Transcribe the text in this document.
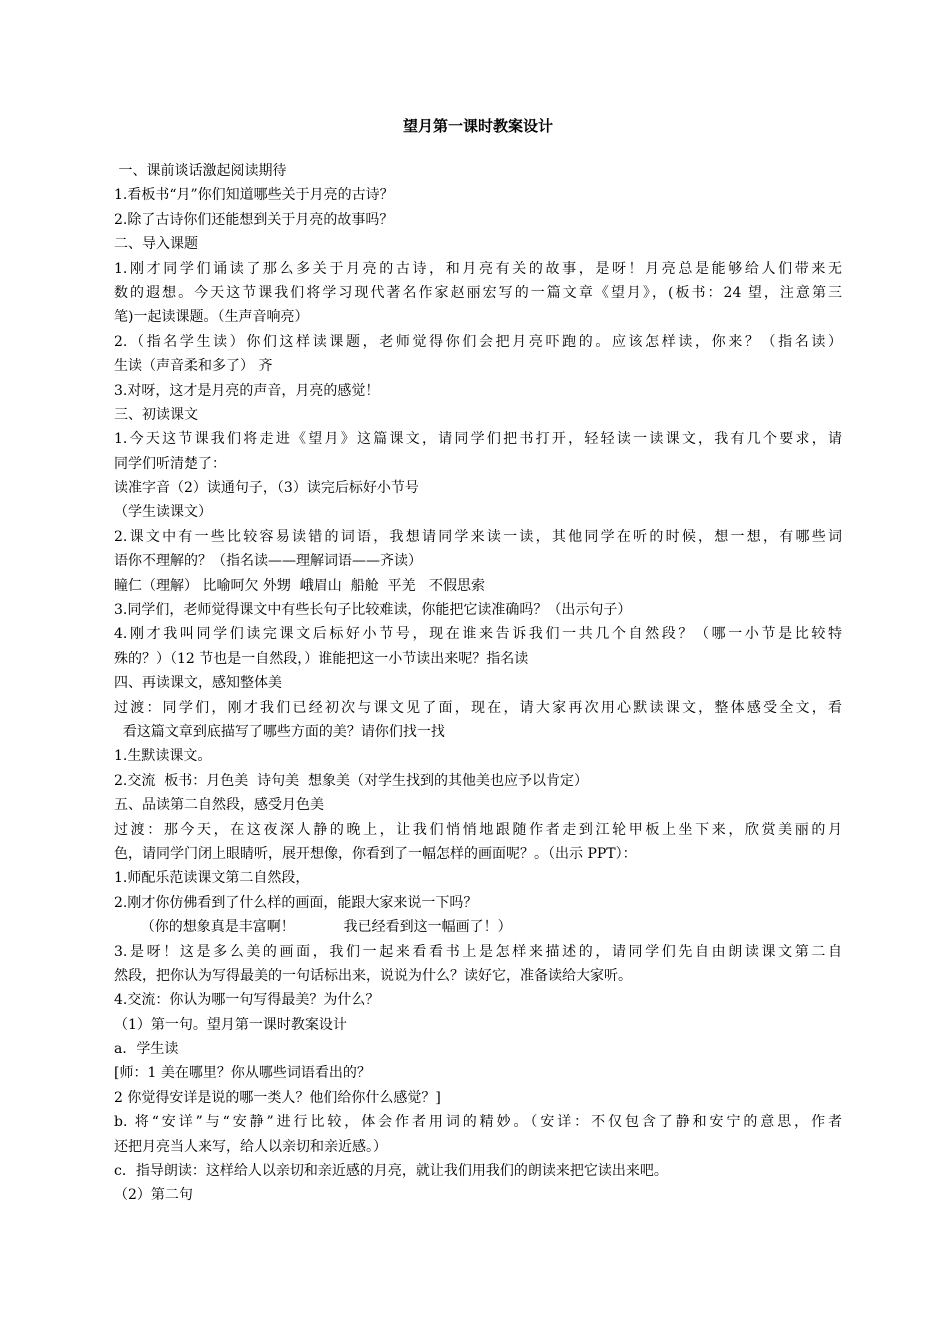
望月第一课时教案设计
一、课前谈话激起阅读期待
1.看板书“月”你们知道哪些关于月亮的古诗？
2.除了古诗你们还能想到关于月亮的故事吗？
二、导入课题
1.刚才同学们诵读了那么多关于月亮的古诗，和月亮有关的故事，是呀！月亮总是能够给人们带来无
数的遐想。今天这节课我们将学习现代著名作家赵丽宏写的一篇文章《望月》，(板书：24 望，注意第三
笔)一起读课题。（生声音响亮）
2.（指名学生读）你们这样读课题，老师觉得你们会把月亮吓跑的。应该怎样读，你来？（指名读）
生读（声音柔和多了） 齐
3.对呀，这才是月亮的声音，月亮的感觉！
三、初读课文
1.今天这节课我们将走进《望月》这篇课文，请同学们把书打开，轻轻读一读课文，我有几个要求，请
同学们听清楚了：
读准字音（2）读通句子，（3）读完后标好小节号
（学生读课文）
2.课文中有一些比较容易读错的词语，我想请同学来读一读，其他同学在听的时候，想一想，有哪些词
语你不理解的？（指名读——理解词语——齐读）
瞳仁（理解） 比喻呵欠 外甥  峨眉山  船舱  平羌   不假思索
3.同学们，老师觉得课文中有些长句子比较难读，你能把它读准确吗？（出示句子）
4.刚才我叫同学们读完课文后标好小节号，现在谁来告诉我们一共几个自然段？（哪一小节是比较特
殊的？）（12 节也是一自然段，）谁能把这一小节读出来呢？指名读
四、再读课文，感知整体美
过渡：同学们，刚才我们已经初次与课文见了面，现在，请大家再次用心默读课文，整体感受全文，看
看这篇文章到底描写了哪些方面的美？请你们找一找
1.生默读课文。
2.交流  板书：月色美  诗句美  想象美（对学生找到的其他美也应予以肯定）
五、品读第二自然段，感受月色美
过渡：那今天，在这夜深人静的晚上，让我们悄悄地跟随作者走到江轮甲板上坐下来，欣赏美丽的月
色，请同学门闭上眼睛听，展开想像，你看到了一幅怎样的画面呢？。（出示 PPT）：
1.师配乐范读课文第二自然段，
2.刚才你仿佛看到了什么样的画面，能跟大家来说一下吗？
（你的想象真是丰富啊！           我已经看到这一幅画了！）
3.是呀！这是多么美的画面，我们一起来看看书上是怎样来描述的，请同学们先自由朗读课文第二自
然段，把你认为写得最美的一句话标出来，说说为什么？读好它，准备读给大家听。
4.交流：你认为哪一句写得最美？为什么？
（1）第一句。望月第一课时教案设计
a．学生读
[师：1 美在哪里？你从哪些词语看出的？
2 你觉得安详是说的哪一类人？他们给你什么感觉？]
b. 将“安详”与“安静”进行比较，体会作者用词的精妙。（安详：不仅包含了静和安宁的意思，作者
还把月亮当人来写，给人以亲切和亲近感。）
c．指导朗读：这样给人以亲切和亲近感的月亮，就让我们用我们的朗读来把它读出来吧。
（2）第二句
